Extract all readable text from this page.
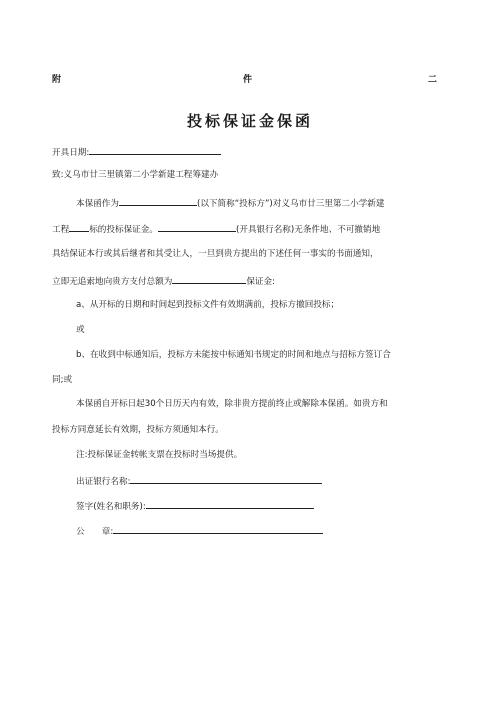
附	件	二
投标保证金保函
开具日期:
致:义乌市廿三里镇第二小学新建工程筹建办
本保函作为	(以下简称“投标方”)对义乌市廿三里第二小学新建
工程 标的投标保证金。	(开具银行名称)无条件地、不可撤销地
具结保证本行或其后继者和其受让人，一旦到贵方提出的下述任何一事实的书面通知，
立即无追索地向贵方支付总额为	保证金:
a、从开标的日期和时间起到投标文件有效期满前，投标方撤回投标；
或
b、在收到中标通知后，投标方未能按中标通知书规定的时间和地点与招标方签订合
同;或
本保函自开标日起30个日历天内有效，除非贵方提前终止或解除本保函。如贵方和
投标方同意延长有效期，投标方须通知本行。
注:投标保证金转帐支票在投标时当场提供。
出证银行名称:
签字(姓名和职务):
公　　章:
